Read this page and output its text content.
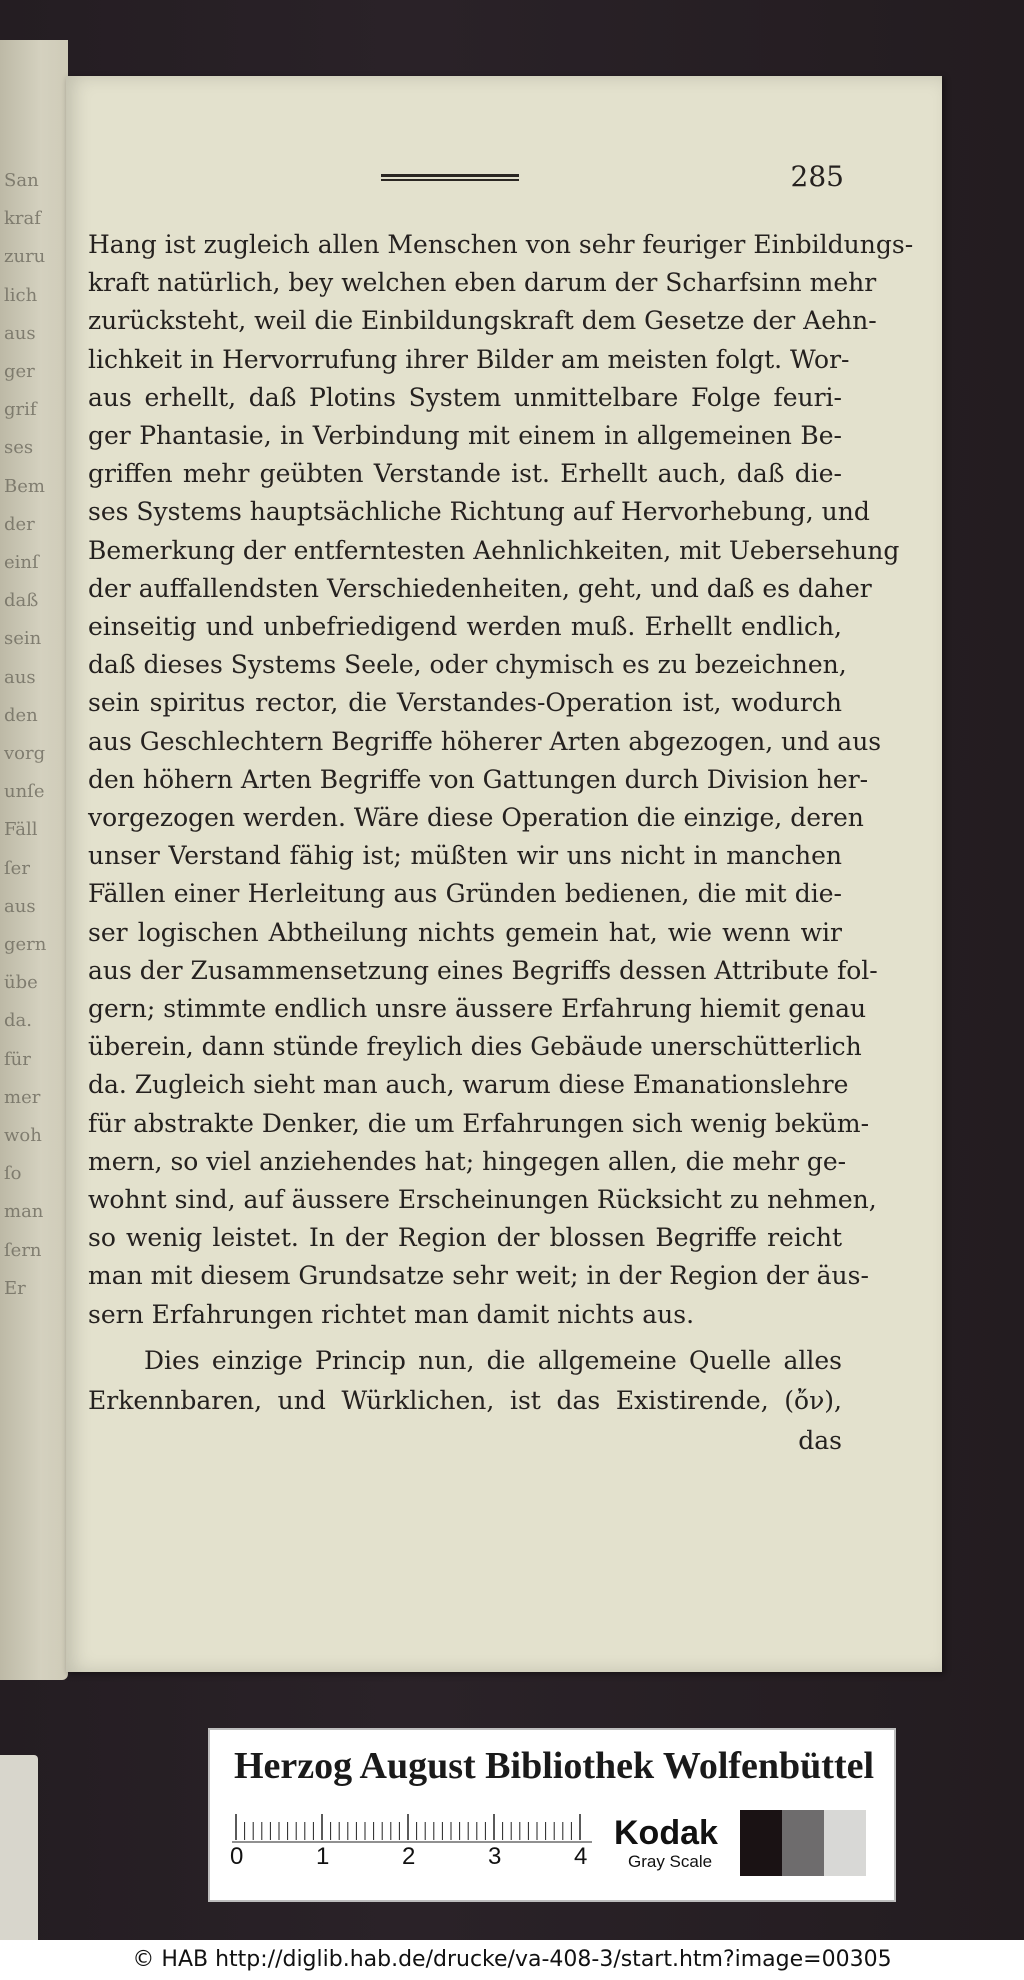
San
kraf
zuru
lich
aus
ger
grif
ses
Bem
der
einſ
daß
sein
aus
den
vorg
unſe
Fäll
ſer
aus
gern
übe
da.
für
mer
woh
ſo
man
ſern
Er
285
Hang ist zugleich allen Menschen von sehr feuriger Einbildungs-
kraft natürlich, bey welchen eben darum der Scharfsinn mehr
zurücksteht, weil die Einbildungskraft dem Gesetze der Aehn-
lichkeit in Hervorrufung ihrer Bilder am meisten folgt. Wor-
aus erhellt, daß Plotins System unmittelbare Folge feuri-
ger Phantasie, in Verbindung mit einem in allgemeinen Be-
griffen mehr geübten Verstande ist. Erhellt auch, daß die-
ses Systems hauptsächliche Richtung auf Hervorhebung, und
Bemerkung der entferntesten Aehnlichkeiten, mit Uebersehung
der auffallendsten Verschiedenheiten, geht, und daß es daher
einseitig und unbefriedigend werden muß. Erhellt endlich,
daß dieses Systems Seele, oder chymisch es zu bezeichnen,
sein spiritus rector, die Verstandes-Operation ist, wodurch
aus Geschlechtern Begriffe höherer Arten abgezogen, und aus
den höhern Arten Begriffe von Gattungen durch Division her-
vorgezogen werden. Wäre diese Operation die einzige, deren
unser Verstand fähig ist; müßten wir uns nicht in manchen
Fällen einer Herleitung aus Gründen bedienen, die mit die-
ser logischen Abtheilung nichts gemein hat, wie wenn wir
aus der Zusammensetzung eines Begriffs dessen Attribute fol-
gern; stimmte endlich unsre äussere Erfahrung hiemit genau
überein, dann stünde freylich dies Gebäude unerschütterlich
da. Zugleich sieht man auch, warum diese Emanationslehre
für abstrakte Denker, die um Erfahrungen sich wenig beküm-
mern, so viel anziehendes hat; hingegen allen, die mehr ge-
wohnt sind, auf äussere Erscheinungen Rücksicht zu nehmen,
so wenig leistet. In der Region der blossen Begriffe reicht
man mit diesem Grundsatze sehr weit; in der Region der äus-
sern Erfahrungen richtet man damit nichts aus.
Dies einzige Princip nun, die allgemeine Quelle alles
Erkennbaren, und Würklichen, ist das Existirende, (ὄν),
das
Herzog August Bibliothek Wolfenbüttel
0	1	2	3	4
Kodak
Gray Scale
© HAB http://diglib.hab.de/drucke/va-408-3/start.htm?image=00305
